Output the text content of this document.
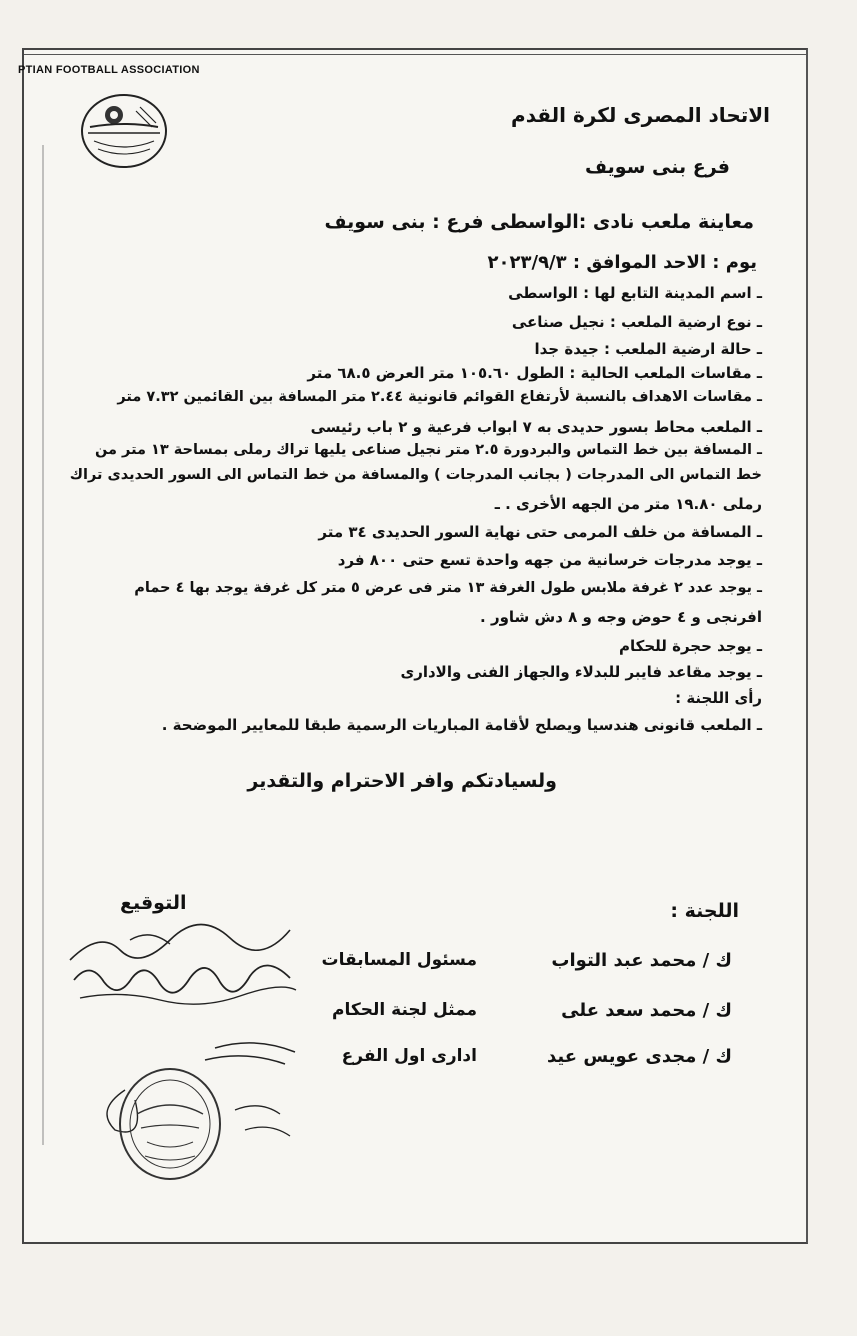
PTIAN FOOTBALL ASSOCIATION
الاتحاد المصرى لكرة القدم
فرع بنى سويف
معاينة ملعب نادى :الواسطى فرع : بنى سويف
يوم : الاحد الموافق : ٢٠٢٣/٩/٣
ـ اسم المدينة التابع لها : الواسطى
ـ نوع ارضية الملعب : نجيل صناعى
ـ حالة ارضية الملعب : جيدة جدا
ـ مقاسات الملعب الحالية : الطول ١٠٥.٦٠ متر العرض ٦٨.٥ متر
ـ مقاسات الاهداف بالنسبة لأرتفاع القوائم قانونية ٢.٤٤ متر المسافة بين القائمين ٧.٣٢ متر
ـ الملعب محاط بسور حديدى به ٧ ابواب فرعية و ٢ باب رئيسى
ـ المسافة بين خط التماس والبردورة ٢.٥ متر نجيل صناعى يليها تراك رملى بمساحة ١٣ متر من
خط التماس الى المدرجات ( بجانب المدرجات ) والمسافة من خط التماس الى السور الحديدى تراك
رملى ١٩.٨٠ متر من الجهه الأخرى . ـ
ـ المسافة من خلف المرمى حتى نهاية السور الحديدى ٣٤ متر
ـ يوجد مدرجات خرسانية من جهه واحدة تسع حتى ٨٠٠ فرد
ـ يوجد عدد ٢ غرفة ملابس طول الغرفة ١٣ متر فى عرض ٥ متر كل غرفة يوجد بها ٤ حمام
افرنجى و ٤ حوض وجه و ٨ دش شاور .
ـ يوجد حجرة للحكام
ـ يوجد مقاعد فايبر للبدلاء والجهاز الفنى والادارى
رأى اللجنة :
ـ الملعب قانونى هندسيا ويصلح لأقامة المباريات الرسمية طبقا للمعايير الموضحة .
ولسيادتكم وافر الاحترام والتقدير
اللجنة :
التوقيع
ك / محمد عبد التواب
مسئول المسابقات
ك / محمد سعد على
ممثل لجنة الحكام
ك / مجدى عويس عيد
ادارى اول الفرع
